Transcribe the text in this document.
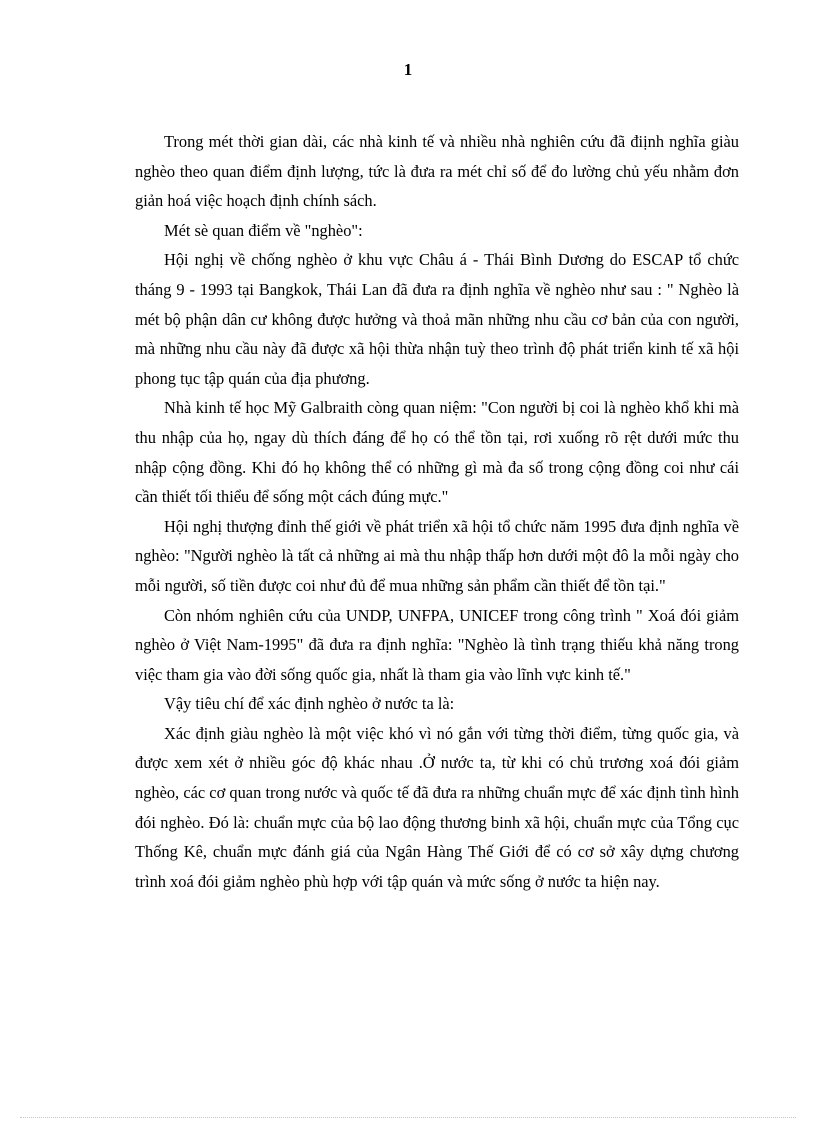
1

Trong mét thời gian dài, các nhà kinh tế và nhiều nhà nghiên cứu đã điịnh nghĩa giàu nghèo theo quan điểm định lượng, tức là đưa ra mét chỉ số để đo lường chủ yếu nhằm đơn giản hoá việc hoạch định chính sách.

Mét sè quan điểm về "nghèo":

Hội nghị về chống nghèo ở khu vực Châu á - Thái Bình Dương do ESCAP tổ chức tháng 9 - 1993 tại Bangkok, Thái Lan đã đưa ra định nghĩa về nghèo như sau : " Nghèo là mét bộ phận dân cư không được hưởng và thoả mãn những nhu cầu cơ bản của con người, mà những nhu cầu này đã được xã hội thừa nhận tuỳ theo trình độ phát triển kinh tế xã hội phong tục tập quán của địa phương.

Nhà kinh tế học Mỹ Galbraith còng quan niệm: "Con người bị coi là nghèo khổ khi mà thu nhập của họ, ngay dù thích đáng để họ có thể tồn tại, rơi xuống rõ rệt dưới mức thu nhập cộng đồng. Khi đó họ không thể có những gì mà đa số trong cộng đồng coi như cái cần thiết tối thiểu để sống một cách đúng mực."

Hội nghị thượng đỉnh thế giới về phát triển xã hội tổ chức năm 1995 đưa định nghĩa về nghèo: "Người nghèo là tất cả những ai mà thu nhập thấp hơn dưới một đô la mỗi ngày cho mỗi người, số tiền được coi như đủ để mua những sản phẩm cần thiết để tồn tại."

Còn nhóm nghiên cứu của UNDP, UNFPA, UNICEF trong công trình " Xoá đói giảm nghèo ở Việt Nam-1995" đã đưa ra định nghĩa: "Nghèo là tình trạng thiếu khả năng trong việc tham gia vào đời sống quốc gia, nhất là tham gia vào lĩnh vực kinh tế."

Vậy tiêu chí để xác định nghèo ở nước ta là:

Xác định giàu nghèo là một việc khó vì nó gắn với từng thời điểm, từng quốc gia, và được xem xét ở nhiều góc độ khác nhau .Ở nước ta, từ khi có chủ trương xoá đói giảm nghèo, các cơ quan trong nước và quốc tế đã đưa ra những chuẩn mực để xác định tình hình đói nghèo. Đó là: chuẩn mực của bộ lao động thương binh xã hội, chuẩn mực của Tổng cục Thống Kê, chuẩn mực đánh giá của Ngân Hàng Thế Giới để có cơ sở xây dựng chương trình xoá đói giảm nghèo phù hợp với tập quán và mức sống ở nước ta hiện nay.
